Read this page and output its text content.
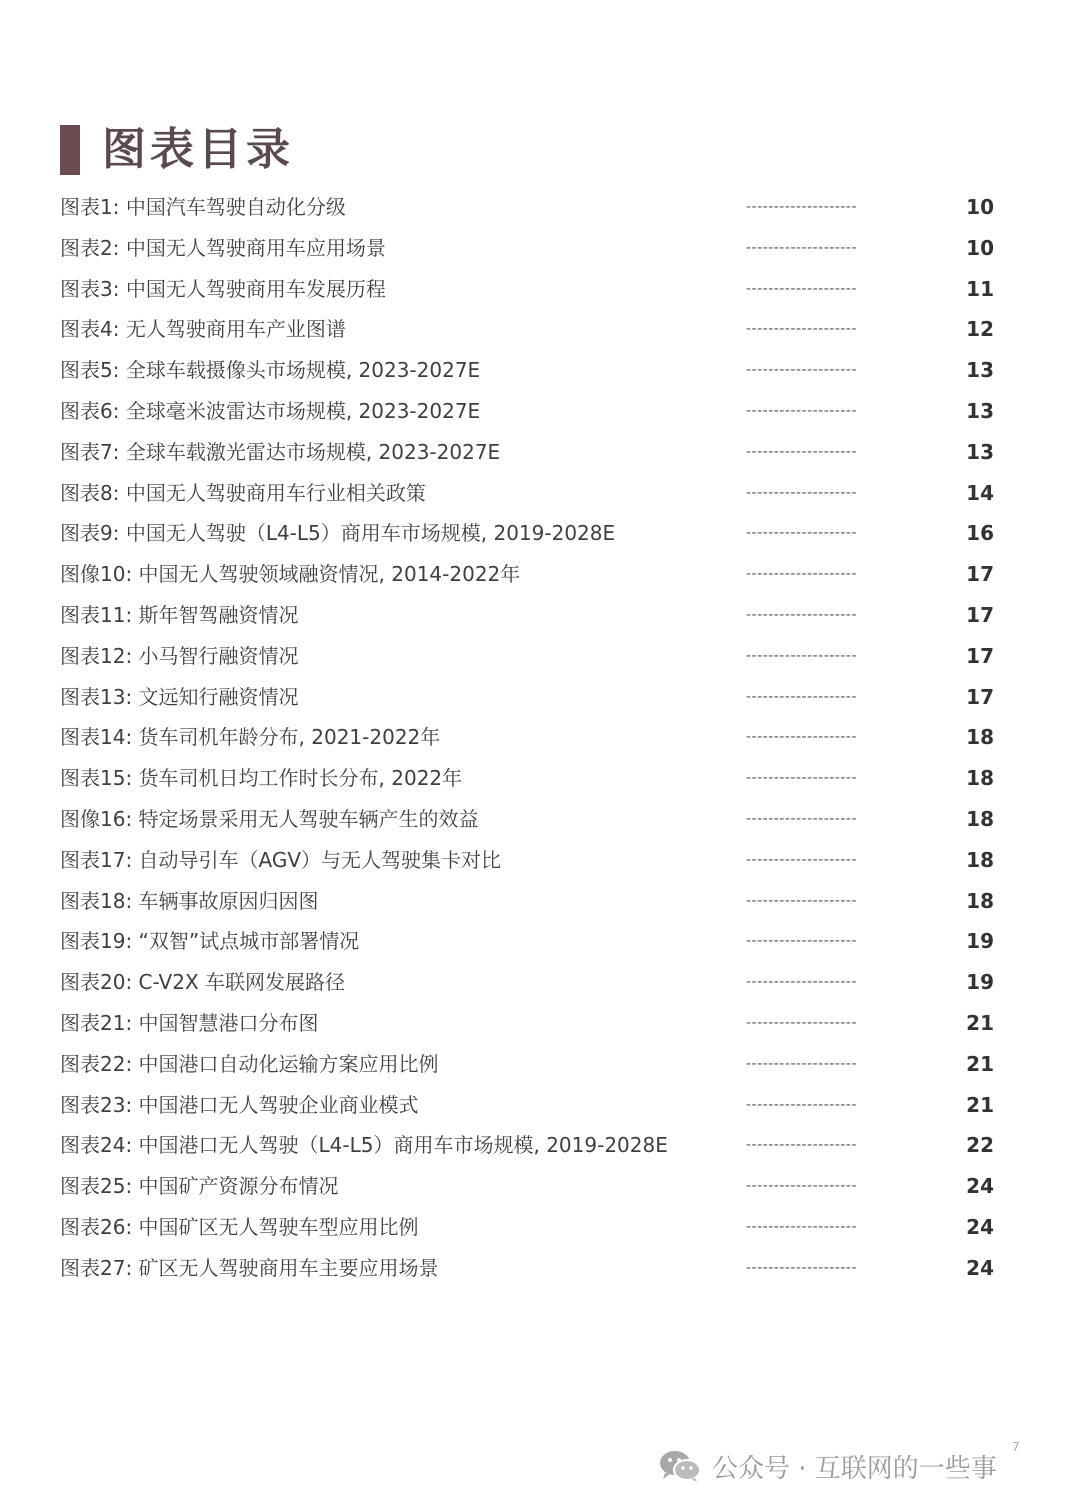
图表目录
图表1: 中国汽车驾驶自动化分级	--------------------	10
图表2: 中国无人驾驶商用车应用场景	--------------------	10
图表3: 中国无人驾驶商用车发展历程	--------------------	11
图表4: 无人驾驶商用车产业图谱	--------------------	12
图表5: 全球车载摄像头市场规模, 2023-2027E	--------------------	13
图表6: 全球毫米波雷达市场规模, 2023-2027E	--------------------	13
图表7: 全球车载激光雷达市场规模, 2023-2027E	--------------------	13
图表8: 中国无人驾驶商用车行业相关政策	--------------------	14
图表9: 中国无人驾驶（L4-L5）商用车市场规模, 2019-2028E	--------------------	16
图像10: 中国无人驾驶领域融资情况, 2014-2022年	--------------------	17
图表11: 斯年智驾融资情况	--------------------	17
图表12: 小马智行融资情况	--------------------	17
图表13: 文远知行融资情况	--------------------	17
图表14: 货车司机年龄分布, 2021-2022年	--------------------	18
图表15: 货车司机日均工作时长分布, 2022年	--------------------	18
图像16: 特定场景采用无人驾驶车辆产生的效益	--------------------	18
图表17: 自动导引车（AGV）与无人驾驶集卡对比	--------------------	18
图表18: 车辆事故原因归因图	--------------------	18
图表19: “双智”试点城市部署情况	--------------------	19
图表20: C-V2X 车联网发展路径	--------------------	19
图表21: 中国智慧港口分布图	--------------------	21
图表22: 中国港口自动化运输方案应用比例	--------------------	21
图表23: 中国港口无人驾驶企业商业模式	--------------------	21
图表24: 中国港口无人驾驶（L4-L5）商用车市场规模, 2019-2028E	--------------------	22
图表25: 中国矿产资源分布情况	--------------------	24
图表26: 中国矿区无人驾驶车型应用比例	--------------------	24
图表27: 矿区无人驾驶商用车主要应用场景	--------------------	24
公众号 · 互联网的一些事
7
